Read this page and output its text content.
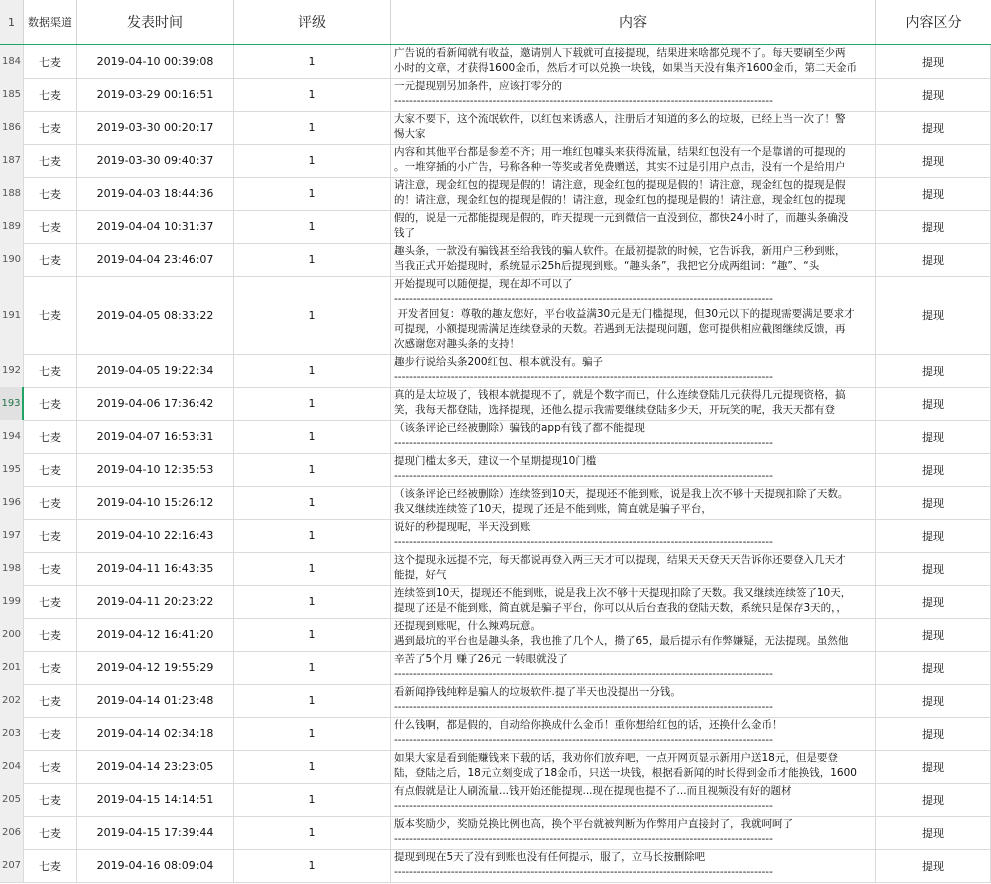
1	数据渠道	发表时间	评级	内容	内容区分
184	七麦	2019-04-10 00:39:08	1
广告说的看新闻就有收益，邀请别人下载就可直接提现，结果进来啥都兑现不了。每天要刷至少两
小时的文章，才获得1600金币，然后才可以兑换一块钱，如果当天没有集齐1600金币，第二天金币	提现
185	七麦	2019-03-29 00:16:51	1
一元提现别另加条件，应该打零分的
----------------------------------------------------------------------------------------------------	提现
186	七麦	2019-03-30 00:20:17	1
大家不要下，这个流氓软件，以红包来诱惑人，注册后才知道的多么的垃圾，已经上当一次了！警
惕大家	提现
187	七麦	2019-03-30 09:40:37	1
内容和其他平台都是参差不齐；用一堆红包噱头来获得流量，结果红包没有一个是靠谱的可提现的
。一堆穿插的小广告，号称各种一等奖或者免费赠送，其实不过是引用户点击，没有一个是给用户	提现
188	七麦	2019-04-03 18:44:36	1
请注意，现金红包的提现是假的！请注意，现金红包的提现是假的！请注意，现金红包的提现是假
的！请注意，现金红包的提现是假的！请注意，现金红包的提现是假的！请注意，现金红包的提现	提现
189	七麦	2019-04-04 10:31:37	1
假的，说是一元都能提现是假的，昨天提现一元到微信一直没到位，都快24小时了，而趣头条确没
钱了	提现
190	七麦	2019-04-04 23:46:07	1
趣头条，一款没有骗钱甚至给我钱的骗人软件。在最初提款的时候，它告诉我，新用户三秒到账，
当我正式开始提现时，系统显示25h后提现到账。“趣头条”，我把它分成两组词：“趣”、“头	提现
191	七麦	2019-04-05 08:33:22	1
开始提现可以随便提，现在却不可以了
----------------------------------------------------------------------------------------------------
开发者回复：尊敬的趣友您好，平台收益满30元是无门槛提现，但30元以下的提现需要满足要求才
可提现，小额提现需满足连续登录的天数。若遇到无法提现问题，您可提供相应截图继续反馈，再
次感谢您对趣头条的支持！
提现
192	七麦	2019-04-05 19:22:34	1
趣步行说给头条200红包、根本就没有。骗子
----------------------------------------------------------------------------------------------------	提现
193	七麦	2019-04-06 17:36:42	1
真的是太垃圾了，钱根本就提现不了，就是个数字而已，什么连续登陆几元获得几元提现资格，搞
笑，我每天都登陆，选择提现，还他么提示我需要继续登陆多少天，开玩笑的呢，我天天都有登	提现
194	七麦	2019-04-07 16:53:31	1
（该条评论已经被删除）骗钱的app有钱了都不能提现
----------------------------------------------------------------------------------------------------	提现
195	七麦	2019-04-10 12:35:53	1
提现门槛太多天，建议一个星期提现10门槛
----------------------------------------------------------------------------------------------------	提现
196	七麦	2019-04-10 15:26:12	1
（该条评论已经被删除）连续签到10天，提现还不能到账，说是我上次不够十天提现扣除了天数。
我又继续连续签了10天，提现了还是不能到账，简直就是骗子平台，	提现
197	七麦	2019-04-10 22:16:43	1
说好的秒提现呢，半天没到账
----------------------------------------------------------------------------------------------------	提现
198	七麦	2019-04-11 16:43:35	1
这个提现永远提不完，每天都说再登入两三天才可以提现，结果天天登天天告诉你还要登入几天才
能提，好气	提现
199	七麦	2019-04-11 20:23:22	1
连续签到10天，提现还不能到账，说是我上次不够十天提现扣除了天数。我又继续连续签了10天，
提现了还是不能到账，简直就是骗子平台，你可以从后台查我的登陆天数，系统只是保存3天的，，	提现
200	七麦	2019-04-12 16:41:20	1
还提现到账呢，什么辣鸡玩意。
遇到最坑的平台也是趣头条，我也推了几个人，攒了65，最后提示有作弊嫌疑，无法提现。虽然他	提现
201	七麦	2019-04-12 19:55:29	1
辛苦了5个月 赚了26元 一转眼就没了
----------------------------------------------------------------------------------------------------	提现
202	七麦	2019-04-14 01:23:48	1
看新闻挣钱纯粹是骗人的垃圾软件.提了半天也没提出一分钱。
----------------------------------------------------------------------------------------------------	提现
203	七麦	2019-04-14 02:34:18	1
什么钱啊，都是假的，自动给你换成什么金币！重你想给红包的话，还换什么金币！
----------------------------------------------------------------------------------------------------	提现
204	七麦	2019-04-14 23:23:05	1
如果大家是看到能赚钱来下载的话，我劝你们放弃吧，一点开网页显示新用户送18元，但是要登
陆，登陆之后，18元立刻变成了18金币，只送一块钱，根据看新闻的时长得到金币才能换钱，1600	提现
205	七麦	2019-04-15 14:14:51	1
有点假就是让人刷流量...钱开始还能提现...现在提现也提不了...而且视频没有好的题材
----------------------------------------------------------------------------------------------------	提现
206	七麦	2019-04-15 17:39:44	1
版本奖励少，奖励兑换比例也高，换个平台就被判断为作弊用户直接封了，我就呵呵了
----------------------------------------------------------------------------------------------------	提现
207	七麦	2019-04-16 08:09:04	1
提现到现在5天了没有到账也没有任何提示，服了，立马长按删除吧
----------------------------------------------------------------------------------------------------	提现
